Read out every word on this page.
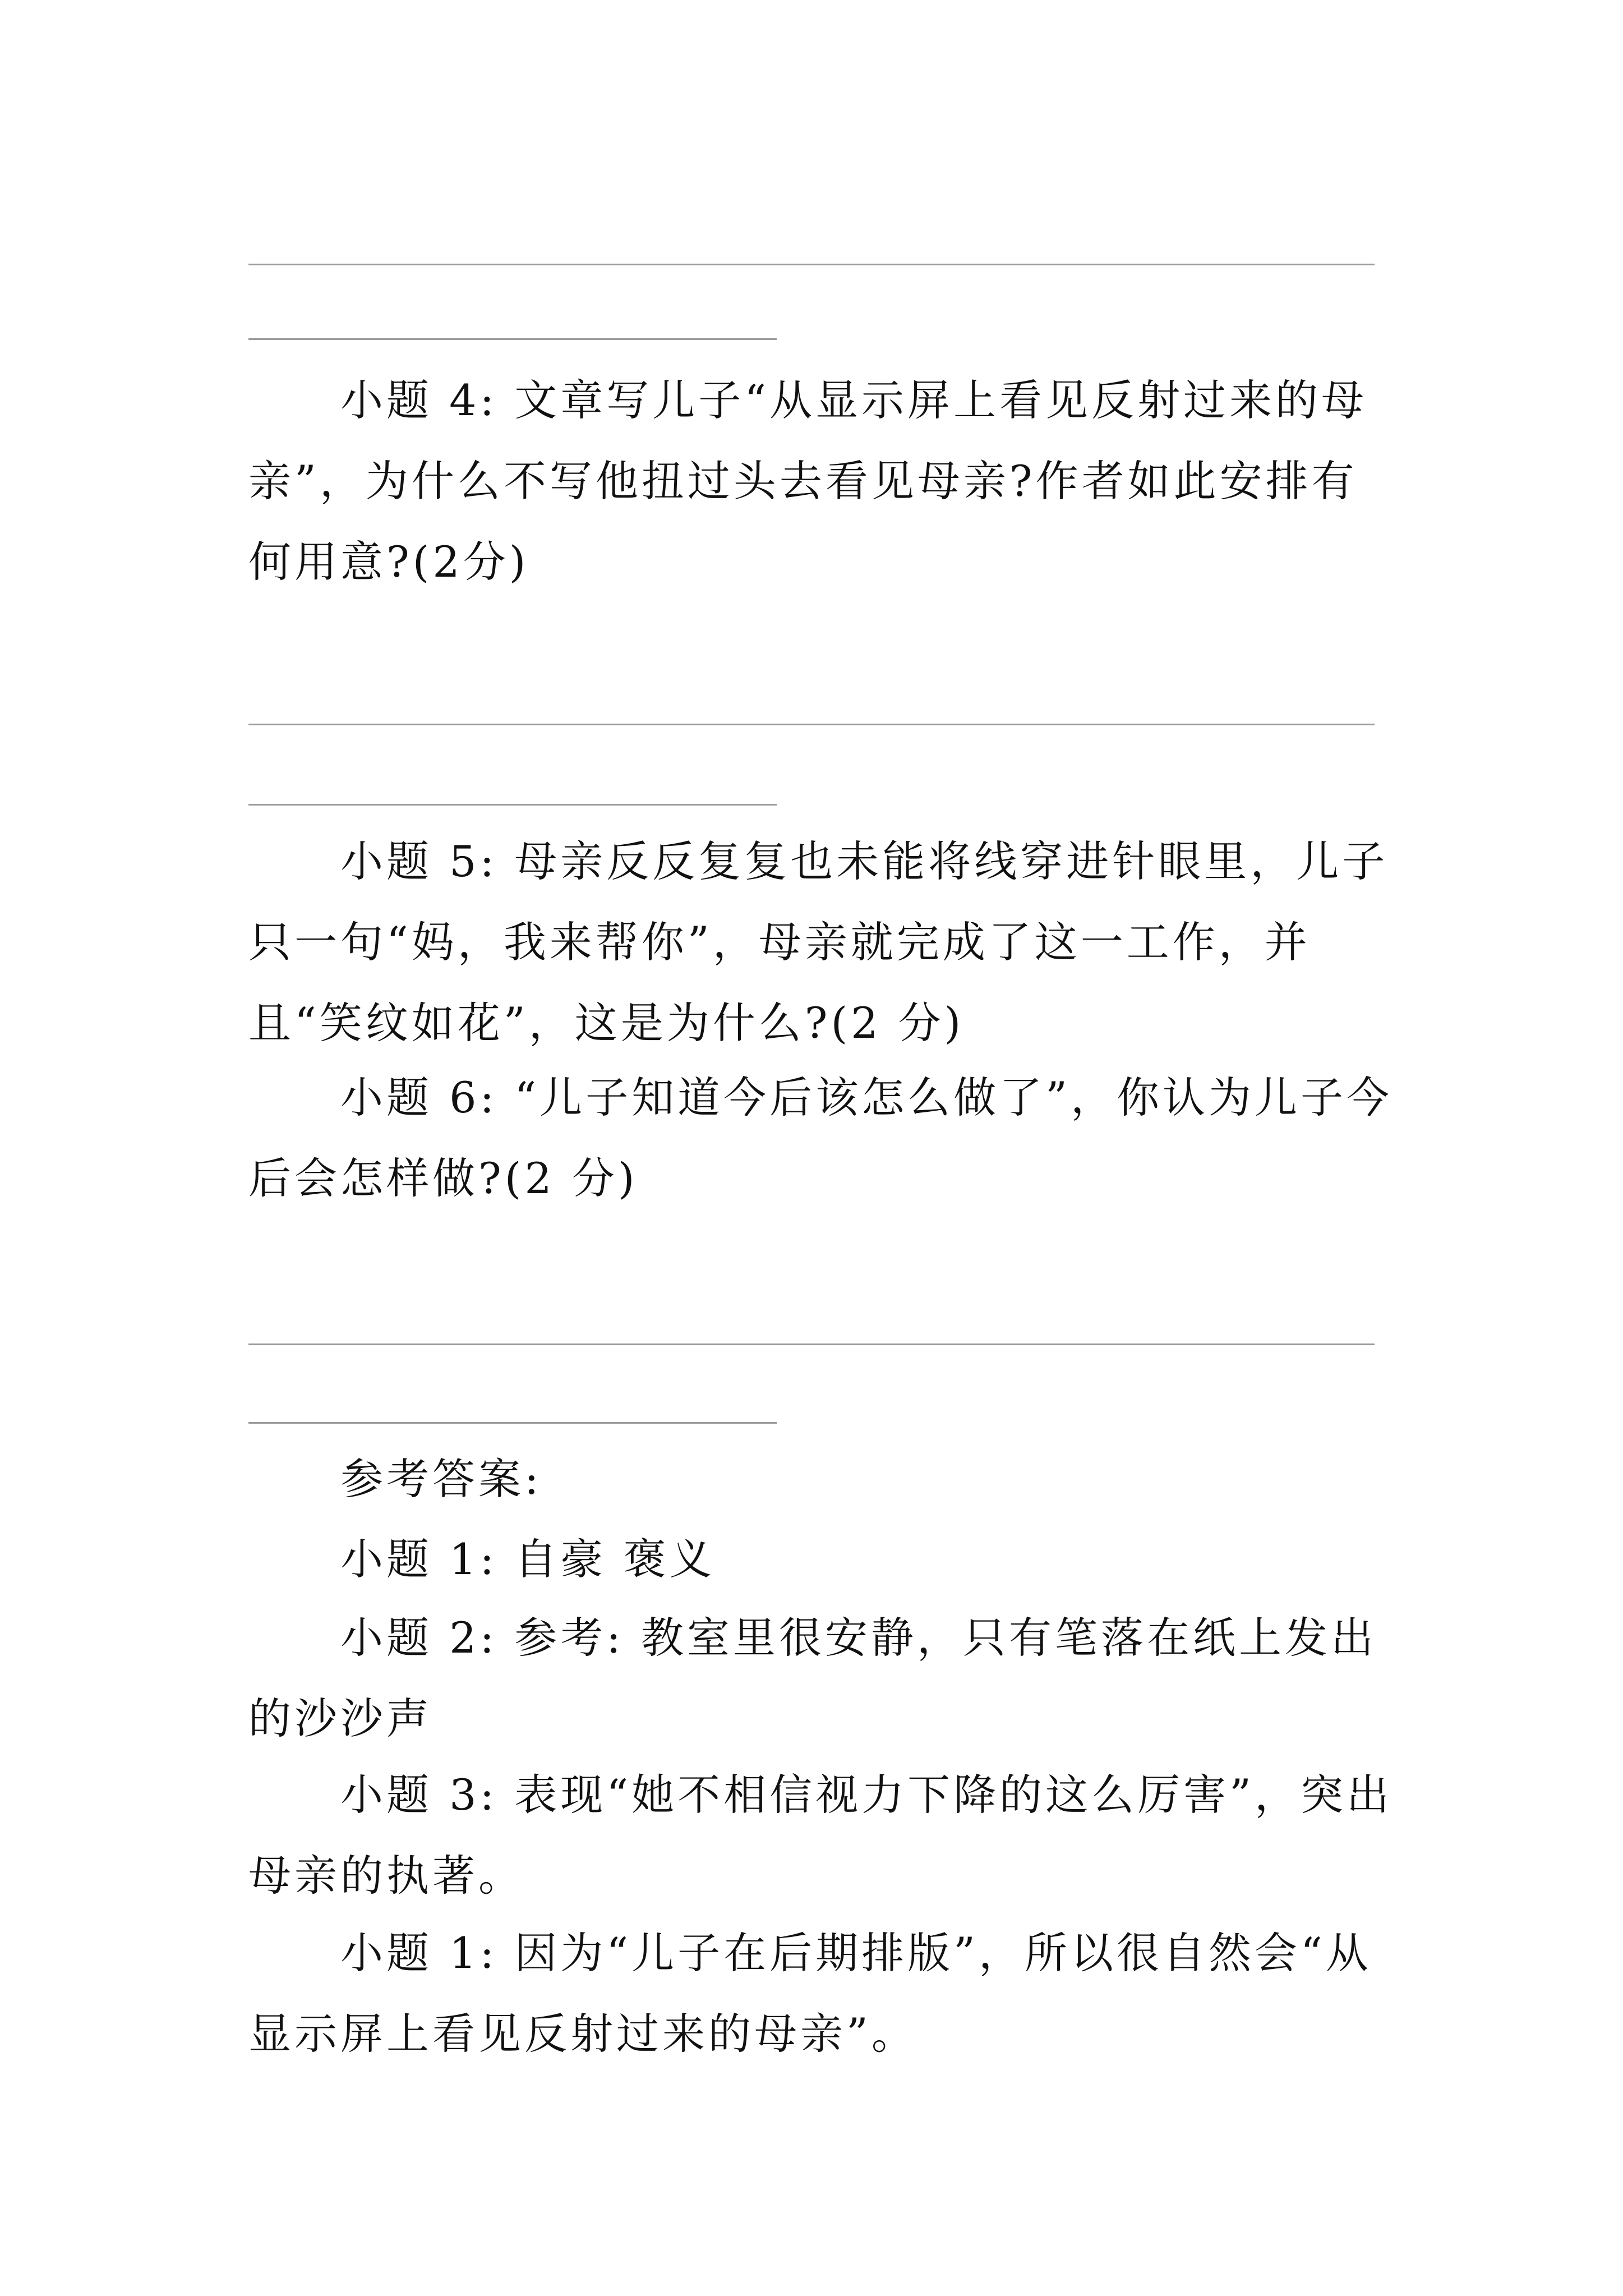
小题 4: 文章写儿子“从显示屏上看见反射过来的母亲”，为什么不写他扭过头去看见母亲?作者如此安排有何用意?(2分)

小题 5: 母亲反反复复也未能将线穿进针眼里，儿子只一句“妈，我来帮你”，母亲就完成了这一工作，并且“笑纹如花”，这是为什么?(2 分)

小题 6: “儿子知道今后该怎么做了”，你认为儿子今后会怎样做?(2 分)

参考答案:

小题 1: 自豪 褒义

小题 2: 参考: 教室里很安静，只有笔落在纸上发出的沙沙声

小题 3: 表现“她不相信视力下降的这么厉害”，突出母亲的执著。

小题 1: 因为“儿子在后期排版”，所以很自然会“从显示屏上看见反射过来的母亲”。
